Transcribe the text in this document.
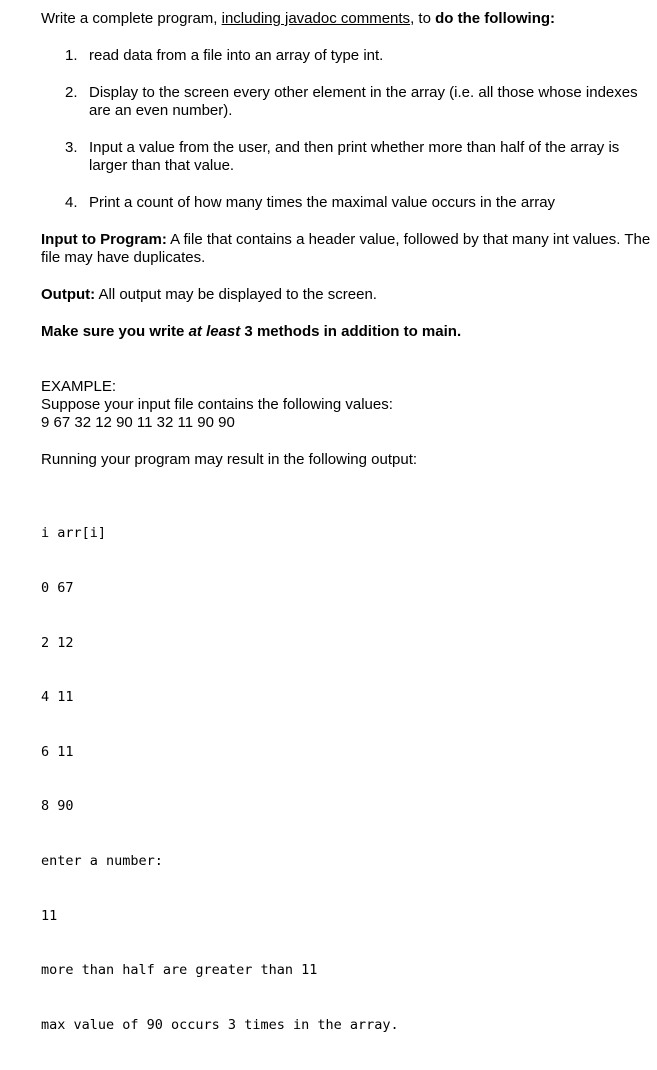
Write a complete program, including javadoc comments, to do the following:

1. read data from a file into an array of type int.
2. Display to the screen every other element in the array (i.e. all those whose indexes are an even number).
3. Input a value from the user, and then print whether more than half of the array is larger than that value.
4. Print a count of how many times the maximal value occurs in the array

Input to Program: A file that contains a header value, followed by that many int values. The file may have duplicates.

Output: All output may be displayed to the screen.

Make sure you write at least 3 methods in addition to main.

EXAMPLE:
Suppose your input file contains the following values:
9 67 32 12 90 11 32 11 90 90

Running your program may result in the following output:

i arr[i]

0 67

2 12

4 11

6 11

8 90

enter a number:

11

more than half are greater than 11

max value of 90 occurs 3 times in the array.
